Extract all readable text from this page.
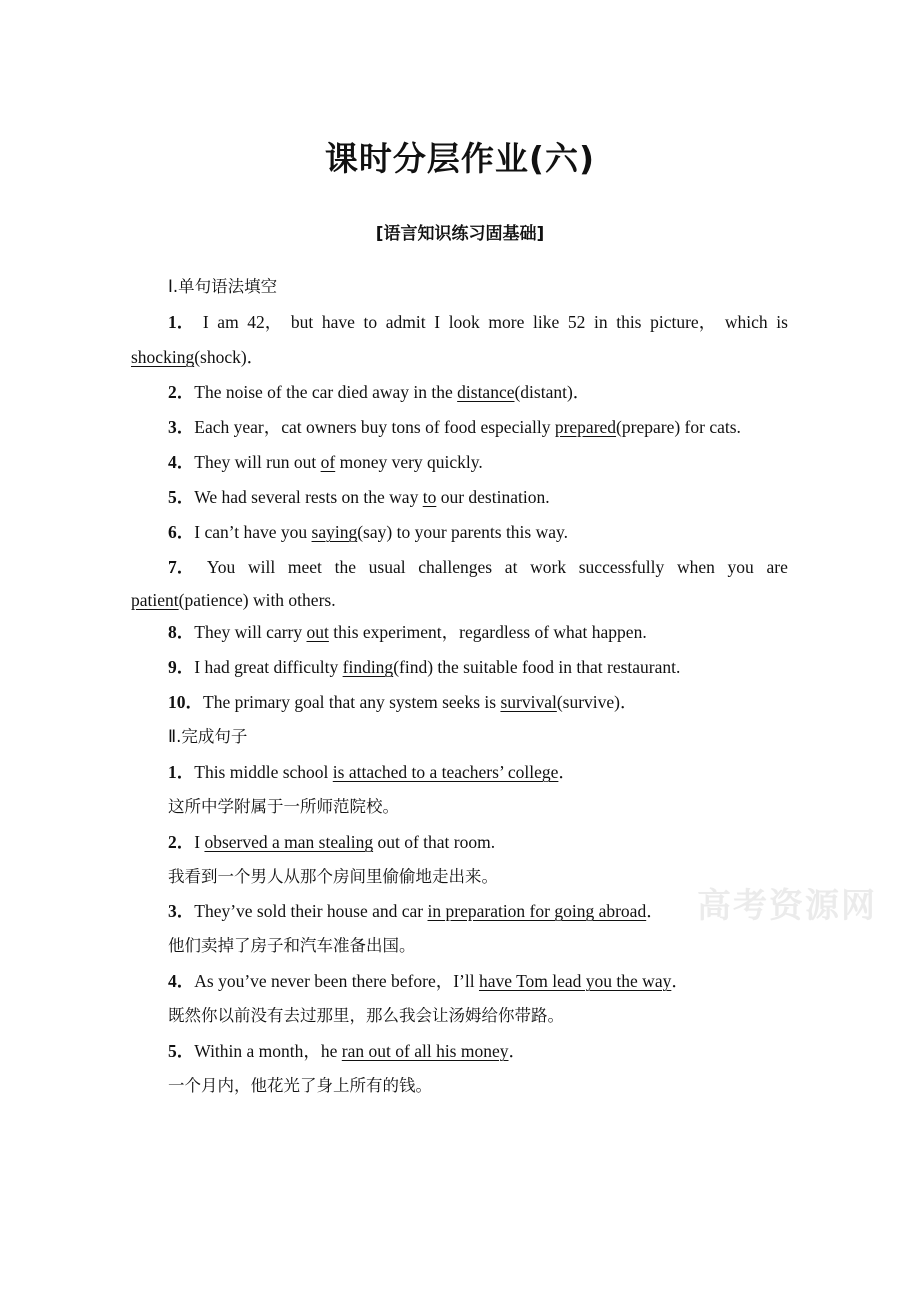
高考资源网
课时分层作业(六)
[语言知识练习固基础]
Ⅰ.单句语法填空
1． I am 42， but have to admit I look more like 52 in this picture， which is
shocking(shock)．
2．The noise of the car died away in the distance(distant)．
3．Each year，cat owners buy tons of food especially prepared(prepare) for cats.
4．They will run out of money very quickly.
5．We had several rests on the way to our destination.
6．I can’t have you saying(say) to your parents this way.
7． You will meet the usual challenges at work successfully when you are
patient(patience) with others.
8．They will carry out this experiment，regardless of what happen.
9．I had great difficulty finding(find) the suitable food in that restaurant.
10．The primary goal that any system seeks is survival(survive)．
Ⅱ.完成句子
1．This middle school is attached to a teachers’ college．
这所中学附属于一所师范院校。
2．I observed a man stealing out of that room.
我看到一个男人从那个房间里偷偷地走出来。
3．They’ve sold their house and car in preparation for going abroad．
他们卖掉了房子和汽车准备出国。
4．As you’ve never been there before，I’ll have Tom lead you the way．
既然你以前没有去过那里，那么我会让汤姆给你带路。
5．Within a month，he ran out of all his money．
一个月内，他花光了身上所有的钱。
